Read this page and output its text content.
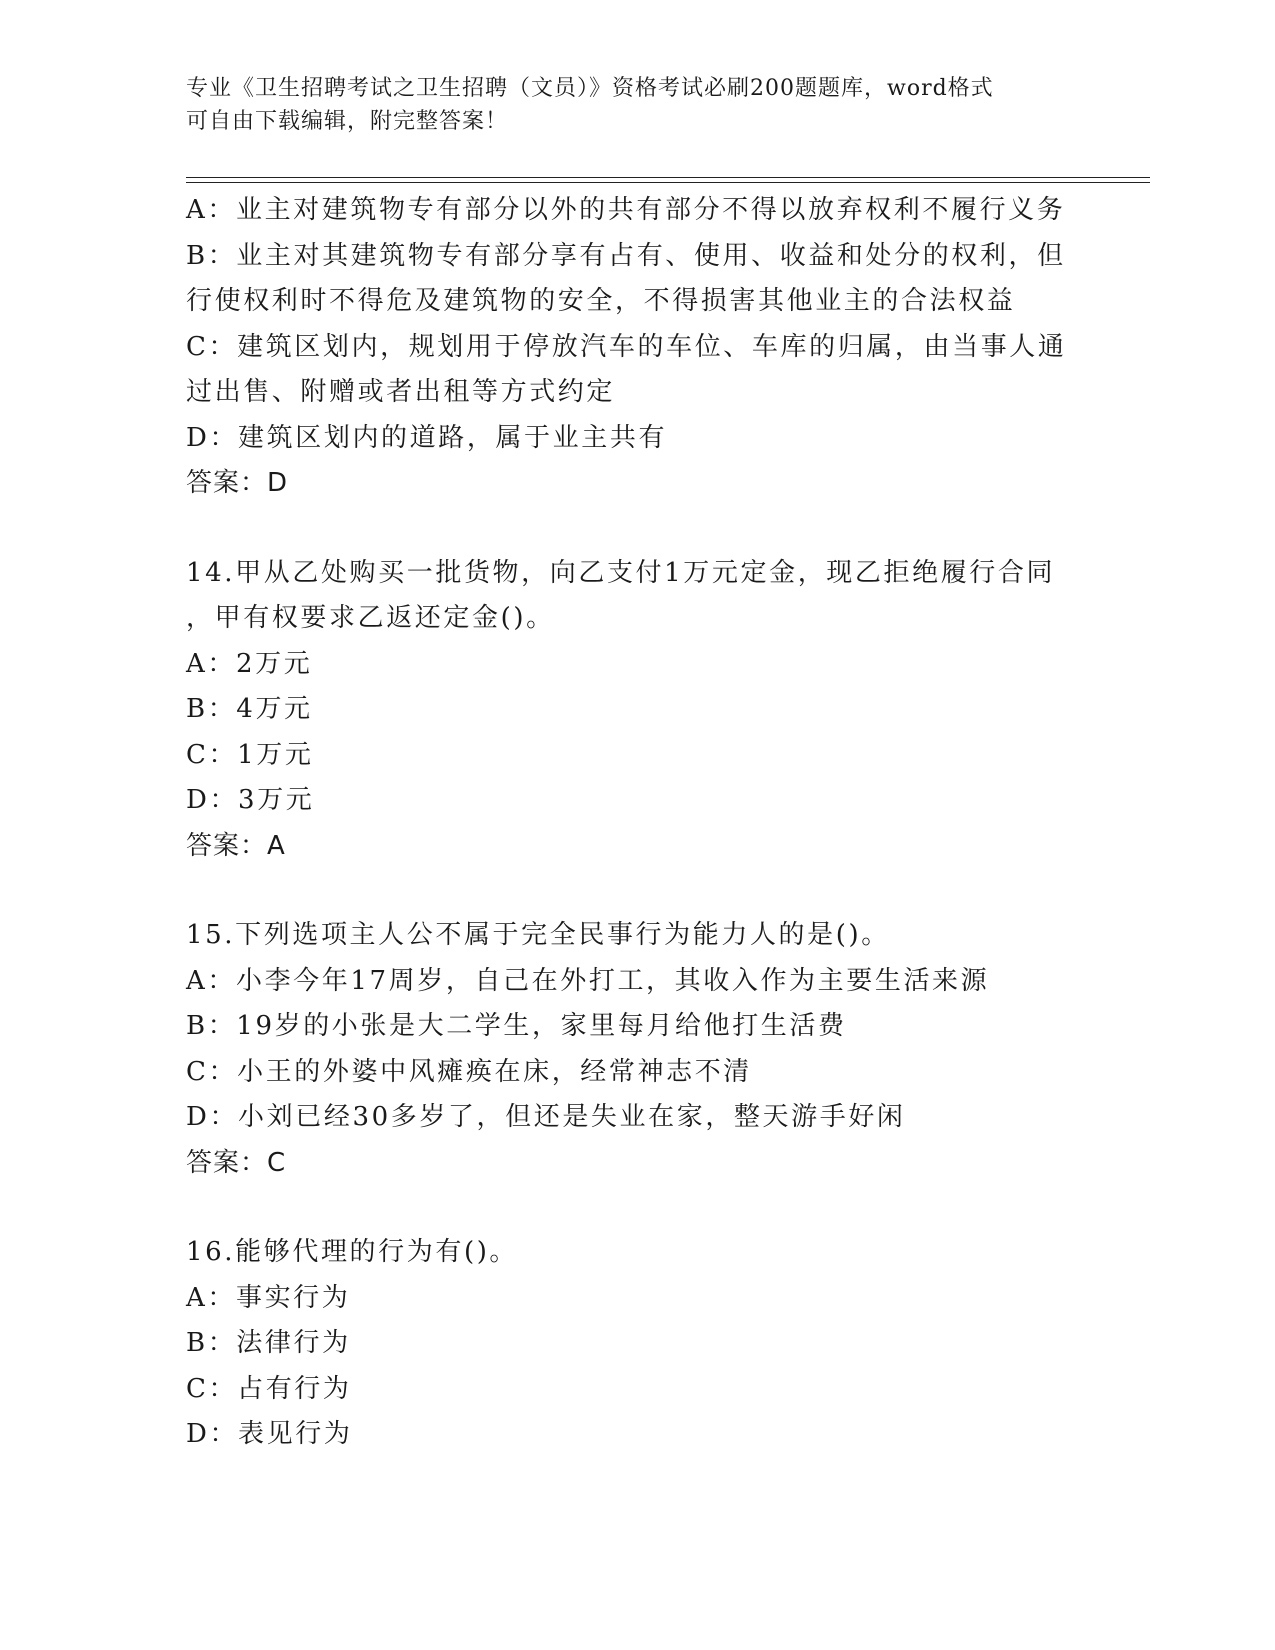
专业《卫生招聘考试之卫生招聘（文员）》资格考试必刷200题题库，word格式
可自由下载编辑，附完整答案！
A：业主对建筑物专有部分以外的共有部分不得以放弃权利不履行义务
B：业主对其建筑物专有部分享有占有、使用、收益和处分的权利，但
行使权利时不得危及建筑物的安全，不得损害其他业主的合法权益
C：建筑区划内，规划用于停放汽车的车位、车库的归属，由当事人通
过出售、附赠或者出租等方式约定
D：建筑区划内的道路，属于业主共有
答案：D
14.甲从乙处购买一批货物，向乙支付1万元定金，现乙拒绝履行合同
，甲有权要求乙返还定金()。
A：2万元
B：4万元
C：1万元
D：3万元
答案：A
15.下列选项主人公不属于完全民事行为能力人的是()。
A：小李今年17周岁，自己在外打工，其收入作为主要生活来源
B：19岁的小张是大二学生，家里每月给他打生活费
C：小王的外婆中风瘫痪在床，经常神志不清
D：小刘已经30多岁了，但还是失业在家，整天游手好闲
答案：C
16.能够代理的行为有()。
A：事实行为
B：法律行为
C：占有行为
D：表见行为
